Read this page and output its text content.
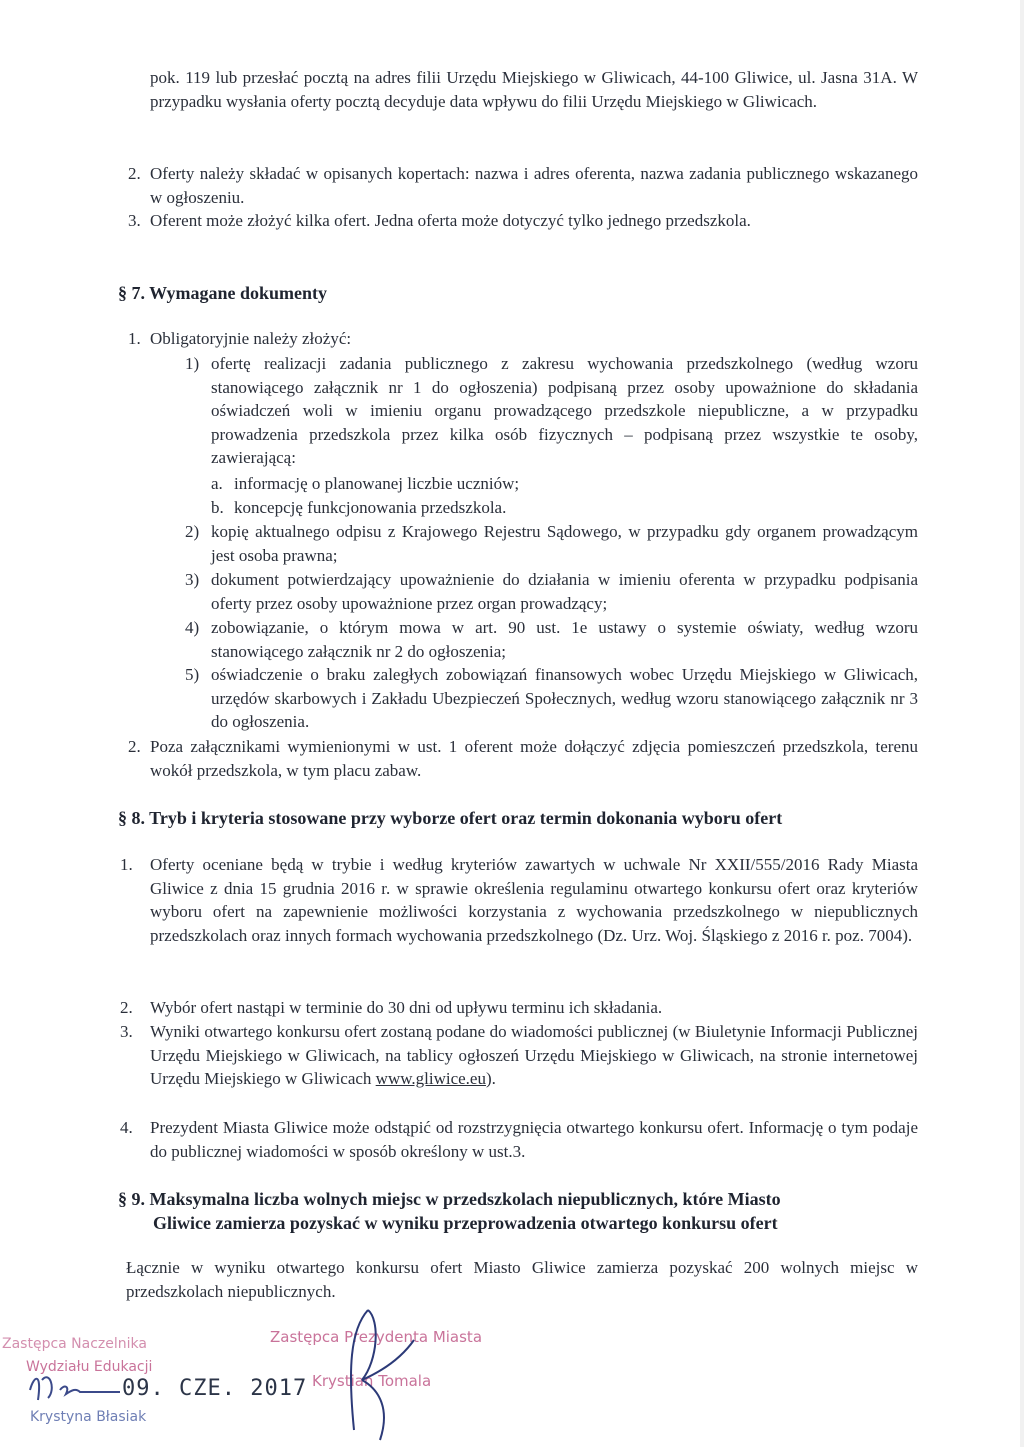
pok. 119 lub przesłać pocztą na adres filii Urzędu Miejskiego w Gliwicach, 44-100 Gliwice, ul. Jasna 31A. W przypadku wysłania oferty pocztą decyduje data wpływu do filii Urzędu Miejskiego w Gliwicach.
2. Oferty należy składać w opisanych kopertach: nazwa i adres oferenta, nazwa zadania publicznego wskazanego w ogłoszeniu.
3. Oferent może złożyć kilka ofert. Jedna oferta może dotyczyć tylko jednego przedszkola.
§ 7. Wymagane dokumenty
1. Obligatoryjnie należy złożyć:
1) ofertę realizacji zadania publicznego z zakresu wychowania przedszkolnego (według wzoru stanowiącego załącznik nr 1 do ogłoszenia) podpisaną przez osoby upoważnione do składania oświadczeń woli w imieniu organu prowadzącego przedszkole niepubliczne, a w przypadku prowadzenia przedszkola przez kilka osób fizycznych – podpisaną przez wszystkie te osoby, zawierającą:
a. informację o planowanej liczbie uczniów;
b. koncepcję funkcjonowania przedszkola.
2) kopię aktualnego odpisu z Krajowego Rejestru Sądowego, w przypadku gdy organem prowadzącym jest osoba prawna;
3) dokument potwierdzający upoważnienie do działania w imieniu oferenta w przypadku podpisania oferty przez osoby upoważnione przez organ prowadzący;
4) zobowiązanie, o którym mowa w art. 90 ust. 1e ustawy o systemie oświaty, według wzoru stanowiącego załącznik nr 2 do ogłoszenia;
5) oświadczenie o braku zaległych zobowiązań finansowych wobec Urzędu Miejskiego w Gliwicach, urzędów skarbowych i Zakładu Ubezpieczeń Społecznych, według wzoru stanowiącego załącznik nr 3 do ogłoszenia.
2. Poza załącznikami wymienionymi w ust. 1 oferent może dołączyć zdjęcia pomieszczeń przedszkola, terenu wokół przedszkola, w tym placu zabaw.
§ 8. Tryb i kryteria stosowane przy wyborze ofert oraz termin dokonania wyboru ofert
1. Oferty oceniane będą w trybie i według kryteriów zawartych w uchwale Nr XXII/555/2016 Rady Miasta Gliwice z dnia 15 grudnia 2016 r. w sprawie określenia regulaminu otwartego konkursu ofert oraz kryteriów wyboru ofert na zapewnienie możliwości korzystania z wychowania przedszkolnego w niepublicznych przedszkolach oraz innych formach wychowania przedszkolnego (Dz. Urz. Woj. Śląskiego z 2016 r. poz. 7004).
2. Wybór ofert nastąpi w terminie do 30 dni od upływu terminu ich składania.
3. Wyniki otwartego konkursu ofert zostaną podane do wiadomości publicznej (w Biuletynie Informacji Publicznej Urzędu Miejskiego w Gliwicach, na tablicy ogłoszeń Urzędu Miejskiego w Gliwicach, na stronie internetowej Urzędu Miejskiego w Gliwicach www.gliwice.eu).
4. Prezydent Miasta Gliwice może odstąpić od rozstrzygnięcia otwartego konkursu ofert. Informację o tym podaje do publicznej wiadomości w sposób określony w ust.3.
§ 9. Maksymalna liczba wolnych miejsc w przedszkolach niepublicznych, które Miasto
Gliwice zamierza pozyskać w wyniku przeprowadzenia otwartego konkursu ofert
Łącznie w wyniku otwartego konkursu ofert Miasto Gliwice zamierza pozyskać 200 wolnych miejsc w przedszkolach niepublicznych.
Zastępca Naczelnika
Wydziału Edukacji
Krystyna Błasiak
09. CZE. 2017
Zastępca Prezydenta Miasta
Krystian Tomala
